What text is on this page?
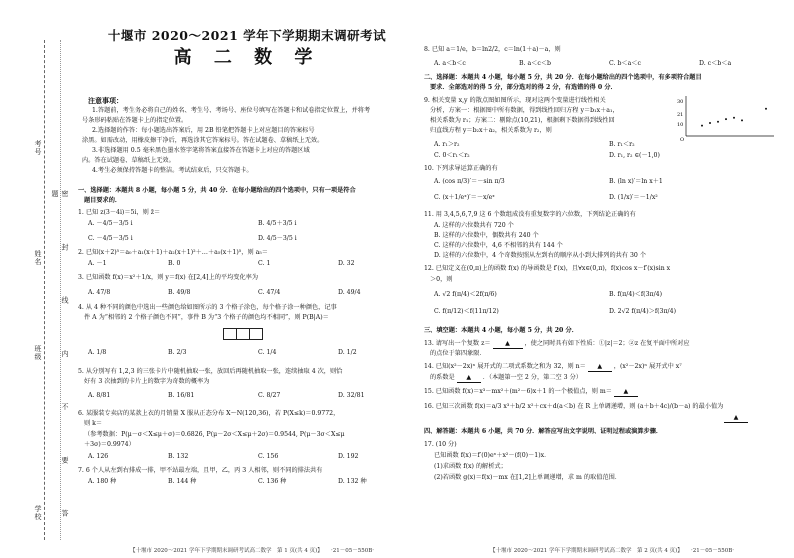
考号
姓名
班级
学校	密 封 线 内 不 要 答 题
十堰市 2020～2021 学年下学期期末调研考试
高 二 数 学
注意事项：
1.答题前，考生务必将自己的姓名、考生号、考场号、座位号填写在答题卡和试卷指定位置上，并将考
号条形码粘贴在答题卡上的指定位置。
2.选择题的作答：每小题选出答案后，用 2B 铅笔把答题卡上对应题目的答案标号
涂黑。如需改动，用橡皮擦干净后，再选涂其它答案标号。答在试题卷、草稿纸上无效。
3.非选择题用 0.5 毫米黑色墨水签字笔将答案直接答在答题卡上对应的答题区域
内。答在试题卷、草稿纸上无效。
4.考生必须保持答题卡的整洁。考试结束后，只交答题卡。
一、选择题：本题共 8 小题，每小题 5 分，共 40 分．在每小题给出的四个选项中，只有一项是符合
题目要求的．
1. 已知 z(3－4i)＝5i，则 z̄＝
A. －4/5－3/5 i	B. 4/5＋3/5 i
C. －4/5－3/5 i	D. 4/5－3/5 i
2. 已知(x＋2)⁵＝a₀＋a₁(x＋1)＋a₂(x＋1)²＋…＋a₅(x＋1)⁵，则 a₅＝
A. －1	B. 0	C. 1	D. 32
3. 已知函数 f(x)＝x²＋1/x，则 y＝f(x) 在[2,4]上的平均变化率为
A. 47/8	B. 49/8	C. 47/4	D. 49/4
4. 从 4 种不同的颜色中选出一些颜色给如图所示的 3 个格子涂色，每个格子涂一种颜色，记事
件 A 为“相邻的 2 个格子颜色不同”，事件 B 为“3 个格子的颜色均不相同”，则 P(B|A)＝
A. 1/8	B. 2/3	C. 1/4	D. 1/2
5. 从分别写有 1,2,3 的三张卡片中随机抽取一张，放回后再随机抽取一张，连续抽取 4 次，则恰
好有 3 次抽到的卡片上的数字为奇数的概率为
A. 8/81	B. 16/81	C. 8/27	D. 32/81
6. 某服装专卖店的某款上衣的月销量 X 服从正态分布 X～N(120,36)，若 P(X≤k)＝0.9772，
则 k＝
（参考数据：P(μ－σ＜X≤μ＋σ)＝0.6826, P(μ－2σ＜X≤μ＋2σ)＝0.9544, P(μ－3σ＜X≤μ
＋3σ)＝0.9974）
A. 126	B. 132	C. 156	D. 192
7. 6 个人从左到右排成一排，甲不站最左端，且甲，乙，丙 3 人相邻，则不同的排法共有
A. 180 种	B. 144 种	C. 136 种	D. 132 种
【十堰市 2020～2021 学年下学期期末调研考试高二数学　第 1 页(共 4 页)】　　·21－05－550B·
8. 已知 a＝1/e，b＝ln2/2，c＝ln(1＋a)－a，则
A. a＜b＜c	B. a＜c＜b	C. b＜a＜c	D. c＜b＜a
二、选择题：本题共 4 小题，每小题 5 分，共 20 分．在每小题给出的四个选项中，有多项符合题目
要求．全部选对的得 5 分，部分选对的得 2 分，有选错的得 0 分．
9. 相关变量 x,y 的散点图如图所示，现对这两个变量进行线性相关
分析，方案一：根据图中所有数据，得到线性回归方程 y＝b₁x＋a₁，
相关系数为 r₁；方案二：剔除点(10,21)，根据剩下数据得到线性回
归直线方程 y＝b₂x＋a₂，相关系数为 r₂，则
30
21
10
O
A. r₁＞r₂	B. r₁＜r₂
C. 0＜r₁＜r₂	D. r₁, r₂ ∈(－1,0)
10. 下列求导运算正确的有
A. (cos π/3)′＝－sin π/3	B. (ln x)′＝ln x＋1
C. (x＋1/eˣ)′＝－x/eˣ	D. (1/x)′＝－1/x²
11. 用 3,4,5,6,7,9 这 6 个数组成没有重复数字的六位数，下列结论正确的有
A. 这样的六位数共有 720 个
B. 这样的六位数中，偶数共有 240 个
C. 这样的六位数中，4,6 不相邻的共有 144 个
D. 这样的六位数中，4 个奇数按照从左到右的顺序从小到大排列的共有 30 个
12. 已知定义在(0,π)上的函数 f(x) 的导函数是 f′(x)，且∀x∈(0,π)，f(x)cos x－f′(x)sin x
＞0，则
A. √2 f(π/4)＜2f(π/6)	B. f(π/4)＜f(3π/4)
C. f(π/12)＜f(11π/12)	D. 2√2 f(π/4)＞f(3π/4)
三、填空题：本题共 4 小题，每小题 5 分，共 20 分．
13. 请写出一个复数 z＝ ▲ ，使之同时具有如下性质：①|z|＝2；②z 在复平面中所对应
的点位于第四象限．
14. 已知(x²－2x)ⁿ 展开式的二项式系数之和为 32，则 n＝ ▲ ，(x²－2x)ⁿ 展开式中 x⁷
的系数是 ▲ ．（本题第一空 2 分，第二空 3 分）
15. 已知函数 f(x)＝x³－mx²＋(m²－6)x＋1 的一个极值点，则 m＝ ▲
16. 已知三次函数 f(x)＝a/3 x³＋b/2 x²＋cx＋d(a＜b) 在 R 上单调递增，则 (a＋b＋4c)/(b－a) 的最小值为
▲
四、解答题：本题共 6 小题，共 70 分．解答应写出文字说明、证明过程或演算步骤．
17. (10 分)
已知函数 f(x)＝f′(0)eˣ＋x²－(f(0)－1)x．
(1)求函数 f(x) 的解析式；
(2)若函数 g(x)＝f(x)－mx 在[1,2]上单调递增，求 m 的取值范围．
【十堰市 2020～2021 学年下学期期末调研考试高二数学　第 2 页(共 4 页)】　　·21－05－550B·
